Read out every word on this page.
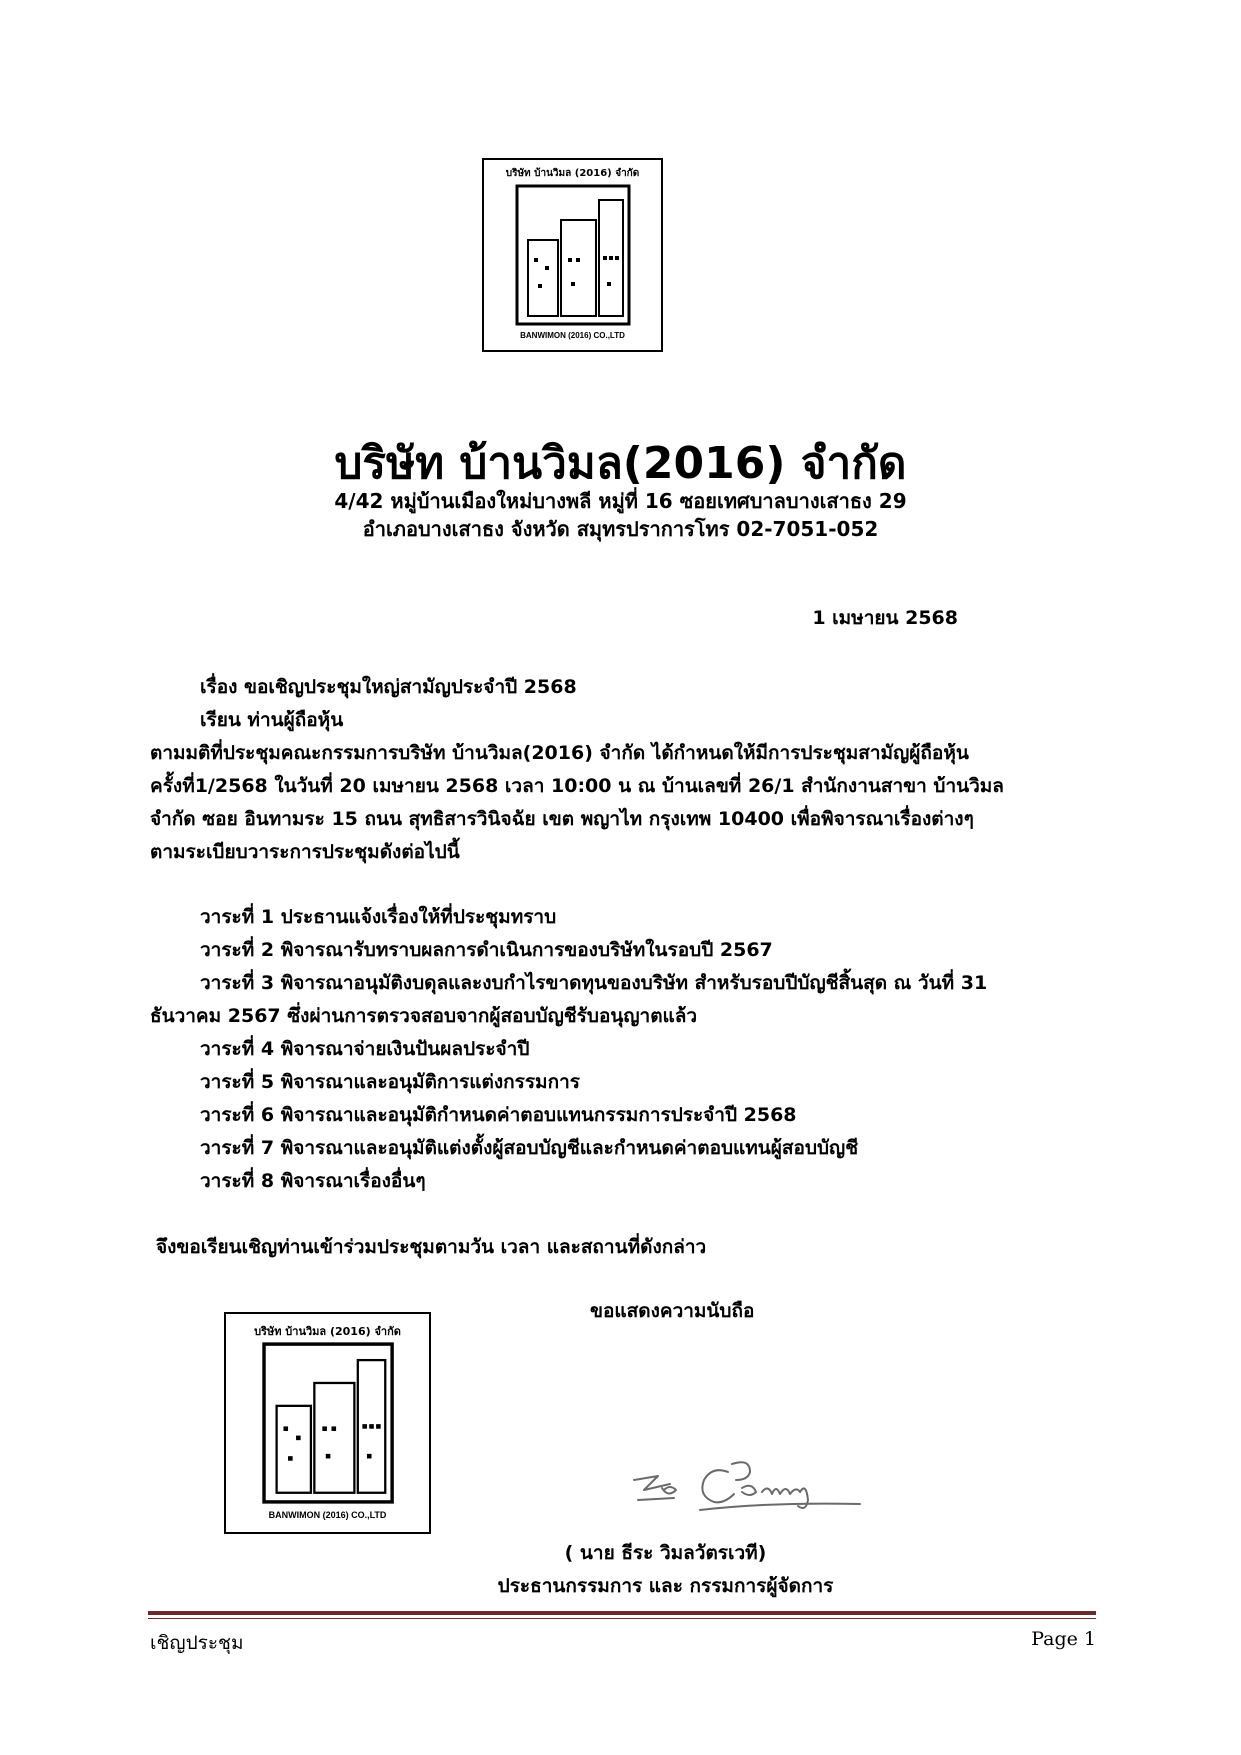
บริษัท บ้านวิมล (2016) จำกัด
BANWIMON (2016) CO.,LTD
บริษัท บ้านวิมล(2016) จำกัด
4/42 หมู่บ้านเมืองใหม่บางพลี หมู่ที่ 16 ซอยเทศบาลบางเสาธง 29
อำเภอบางเสาธง จังหวัด สมุทรปราการโทร 02-7051-052
1 เมษายน 2568
เรื่อง ขอเชิญประชุมใหญ่สามัญประจำปี 2568
เรียน ท่านผู้ถือหุ้น
ตามมติที่ประชุมคณะกรรมการบริษัท บ้านวิมล(2016) จำกัด ได้กำหนดให้มีการประชุมสามัญผู้ถือหุ้น
ครั้งที่1/2568 ในวันที่ 20 เมษายน 2568 เวลา 10:00 น ณ บ้านเลขที่ 26/1 สำนักงานสาขา บ้านวิมล
จำกัด ซอย อินทามระ 15 ถนน สุทธิสารวินิจฉัย เขต พญาไท กรุงเทพ 10400 เพื่อพิจารณาเรื่องต่างๆ
ตามระเบียบวาระการประชุมดังต่อไปนี้
วาระที่ 1 ประธานแจ้งเรื่องให้ที่ประชุมทราบ
วาระที่ 2 พิจารณารับทราบผลการดำเนินการของบริษัทในรอบปี 2567
วาระที่ 3 พิจารณาอนุมัติงบดุลและงบกำไรขาดทุนของบริษัท สำหรับรอบปีบัญชีสิ้นสุด ณ วันที่ 31
ธันวาคม 2567 ซึ่งผ่านการตรวจสอบจากผู้สอบบัญชีรับอนุญาตแล้ว
วาระที่ 4 พิจารณาจ่ายเงินปันผลประจำปี
วาระที่ 5 พิจารณาและอนุมัติการแต่งกรรมการ
วาระที่ 6 พิจารณาและอนุมัติกำหนดค่าตอบแทนกรรมการประจำปี 2568
วาระที่ 7 พิจารณาและอนุมัติแต่งตั้งผู้สอบบัญชีและกำหนดค่าตอบแทนผู้สอบบัญชี
วาระที่ 8 พิจารณาเรื่องอื่นๆ
จึงขอเรียนเชิญท่านเข้าร่วมประชุมตามวัน เวลา และสถานที่ดังกล่าว
ขอแสดงความนับถือ
บริษัท บ้านวิมล (2016) จำกัด
BANWIMON (2016) CO.,LTD
( นาย ธีระ วิมลวัตรเวที)
ประธานกรรมการ และ กรรมการผู้จัดการ
เชิญประชุม	Page 1
